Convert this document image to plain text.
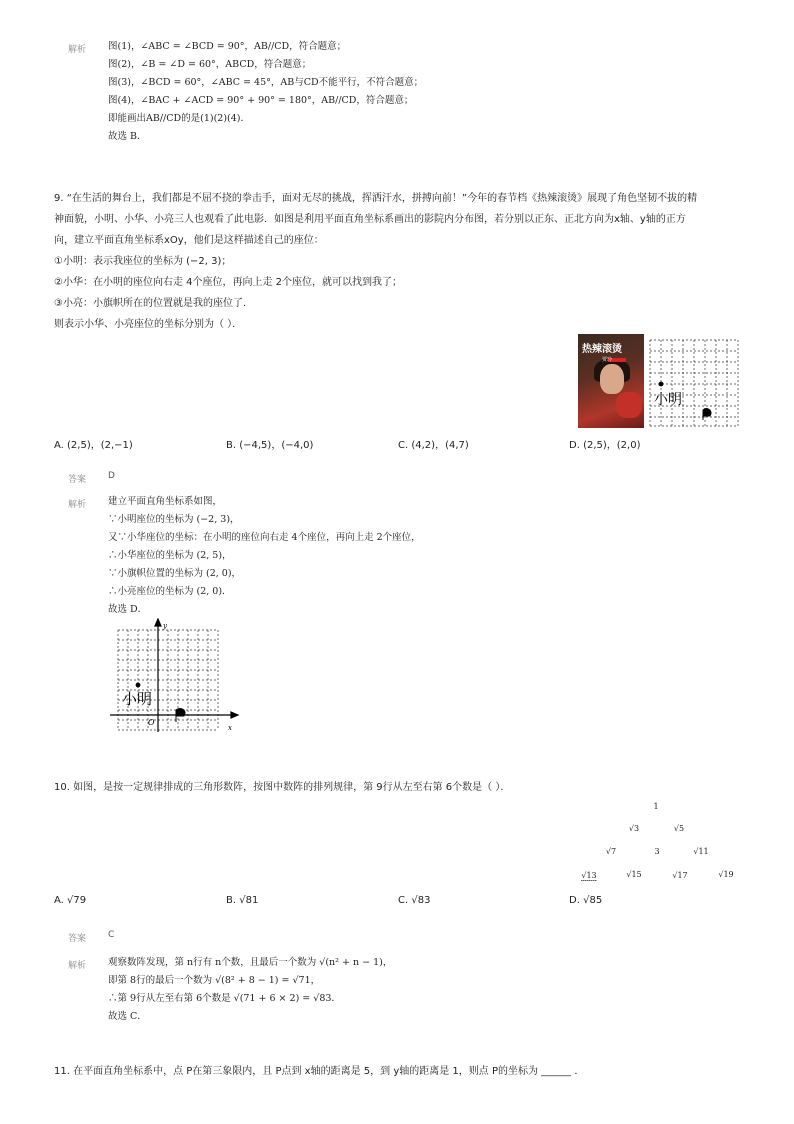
解析 图(1)，∠ABC = ∠BCD = 90°，AB//CD，符合题意；
图(2)，∠B = ∠D = 60°，ABCD，符合题意；
图(3)，∠BCD = 60°，∠ABC = 45°，AB与CD不能平行，不符合题意；
图(4)，∠BAC + ∠ACD = 90° + 90° = 180°，AB//CD，符合题意；
即能画出AB//CD的是(1)(2)(4)．
故选 B．
9. “在生活的舞台上，我们都是不屈不挠的拳击手，面对无尽的挑战，挥洒汗水，拼搏向前！”今年的春节档《热辣滚烫》展现了角色坚韧不拔的精
神面貌，小明、小华、小亮三人也观看了此电影．如图是利用平面直角坐标系画出的影院内分布图，若分别以正东、正北方向为x轴、y轴的正方
向，建立平面直角坐标系xOy，他们是这样描述自己的座位：
①小明：表示我座位的坐标为 (−2, 3)；
②小华：在小明的座位向右走 4个座位，再向上走 2个座位，就可以找到我了；
③小亮：小旗帜所在的位置就是我的座位了．
则表示小华、小亮座位的坐标分别为（ ）．
热辣滚烫
贾玲
小明
A. (2,5)，(2,−1)	B. (−4,5)，(−4,0)	C. (4,2)，(4,7)	D. (2,5)，(2,0)
答案 D
解析 建立平面直角坐标系如图，
∵小明座位的坐标为 (−2, 3)，
又∵小华座位的坐标：在小明的座位向右走 4个座位，再向上走 2个座位，
∴小华座位的坐标为 (2, 5)，
∵小旗帜位置的坐标为 (2, 0)，
∴小亮座位的坐标为 (2, 0)．
故选 D．
y
x
O
小明
10. 如图，是按一定规律排成的三角形数阵，按图中数阵的排列规律，第 9行从左至右第 6个数是（ ）．
1
√3	√5
√7	3	√11
√13	√15	√17	√19
A. √79	B. √81	C. √83	D. √85
答案 C
解析 观察数阵发现，第 n行有 n个数，且最后一个数为 √(n² + n − 1)，
即第 8行的最后一个数为 √(8² + 8 − 1) = √71，
∴第 9行从左至右第 6个数是 √(71 + 6 × 2) = √83．
故选 C．
11. 在平面直角坐标系中，点 P在第三象限内，且 P点到 x轴的距离是 5，到 y轴的距离是 1，则点 P的坐标为 ______ ．
